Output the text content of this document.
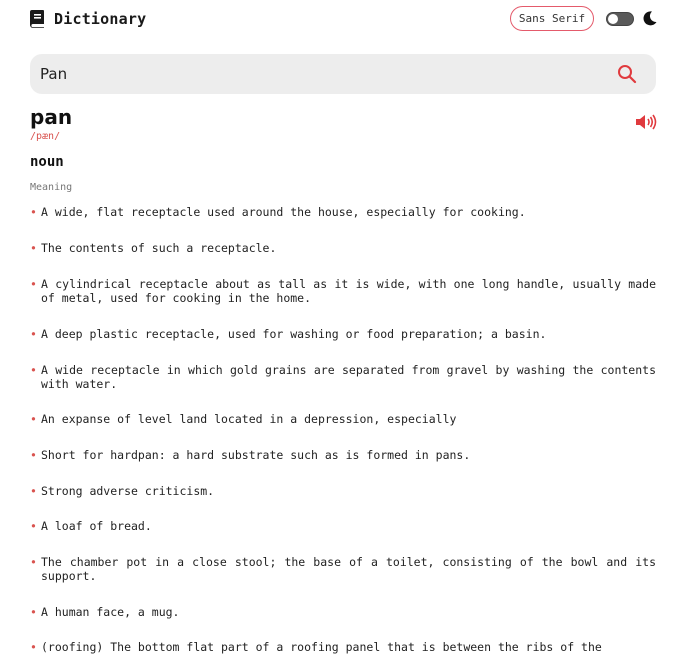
Dictionary	Sans Serif
Pan
pan
/pæn/
noun
Meaning
• A wide, flat receptacle used around the house, especially for cooking.
• The contents of such a receptacle.
• A cylindrical receptacle about as tall as it is wide, with one long handle, usually made of metal, used for cooking in the home.
• A deep plastic receptacle, used for washing or food preparation; a basin.
• A wide receptacle in which gold grains are separated from gravel by washing the contents with water.
• An expanse of level land located in a depression, especially
• Short for hardpan: a hard substrate such as is formed in pans.
• Strong adverse criticism.
• A loaf of bread.
• The chamber pot in a close stool; the base of a toilet, consisting of the bowl and its support.
• A human face, a mug.
• (roofing) The bottom flat part of a roofing panel that is between the ribs of the
